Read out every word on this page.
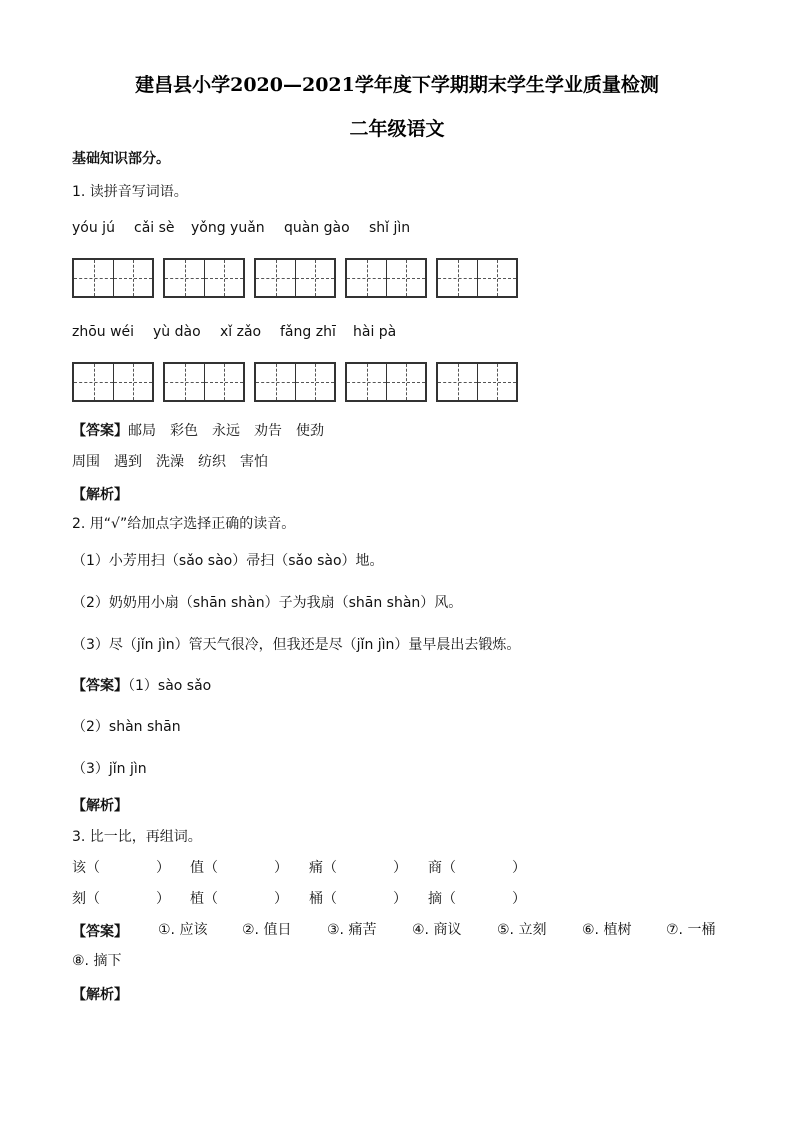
建昌县小学2020—2021学年度下学期期末学生学业质量检测
二年级语文
基础知识部分。
1. 读拼音写词语。
yóu jú cǎi sè yǒng yuǎn quàn gào shǐ jìn
zhōu wéi yù dào xǐ zǎo fǎng zhī hài pà
【答案】邮局　彩色　永远　劝告　使劲
周围　遇到　洗澡　纺织　害怕
【解析】
2. 用“√”给加点字选择正确的读音。
（1）小芳用扫（sǎo sào）帚扫（sǎo sào）地。
（2）奶奶用小扇（shān shàn）子为我扇（shān shàn）风。
（3）尽（jǐn jìn）管天气很冷，但我还是尽（jǐn jìn）量早晨出去锻炼。
【答案】（1）sào sǎo
（2）shàn shān
（3）jǐn jìn
【解析】
3. 比一比，再组词。
该（　　　　） 值（　　　　） 痛（　　　　） 商（　　　　）
刻（　　　　） 植（　　　　） 桶（　　　　） 摘（　　　　）
【答案】 ①. 应该 ②. 值日	③. 痛苦	④. 商议	⑤. 立刻	⑥. 植树 ⑦. 一桶
⑧. 摘下
【解析】
